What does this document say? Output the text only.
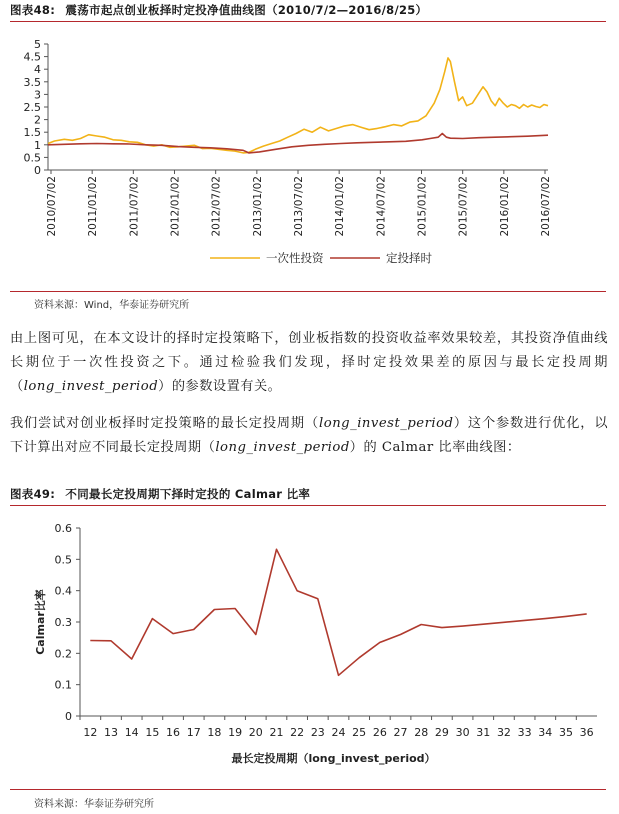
图表48: 震荡市起点创业板择时定投净值曲线图（2010/7/2—2016/8/25）
0
0.5
1
1.5
2
2.5
3
3.5
4
4.5
5
2010/07/02	2011/01/02	2011/07/02	2012/01/02	2012/07/02	2013/01/02	2013/07/02	2014/01/02	2014/07/02	2015/01/02	2015/07/02	2016/01/02	2016/07/02
一次性投资	定投择时
资料来源：Wind，华泰证券研究所
由上图可见，在本文设计的择时定投策略下，创业板指数的投资收益率效果较差，其投资净值曲线长期位于一次性投资之下。通过检验我们发现，择时定投效果差的原因与最长定投周期（long_invest_period）的参数设置有关。
我们尝试对创业板择时定投策略的最长定投周期（long_invest_period）这个参数进行优化，以下计算出对应不同最长定投周期（long_invest_period）的 Calmar 比率曲线图：
图表49: 不同最长定投周期下择时定投的 Calmar 比率
0
0.1
0.2
0.3
0.4
0.5
0.6
12 13 14 15 16 17 18 19 20 21 22 23 24 25 26 27 28 29 30 31 32 33 34 35 36
Calmar比率
最长定投周期（long_invest_period）
资料来源：华泰证券研究所
